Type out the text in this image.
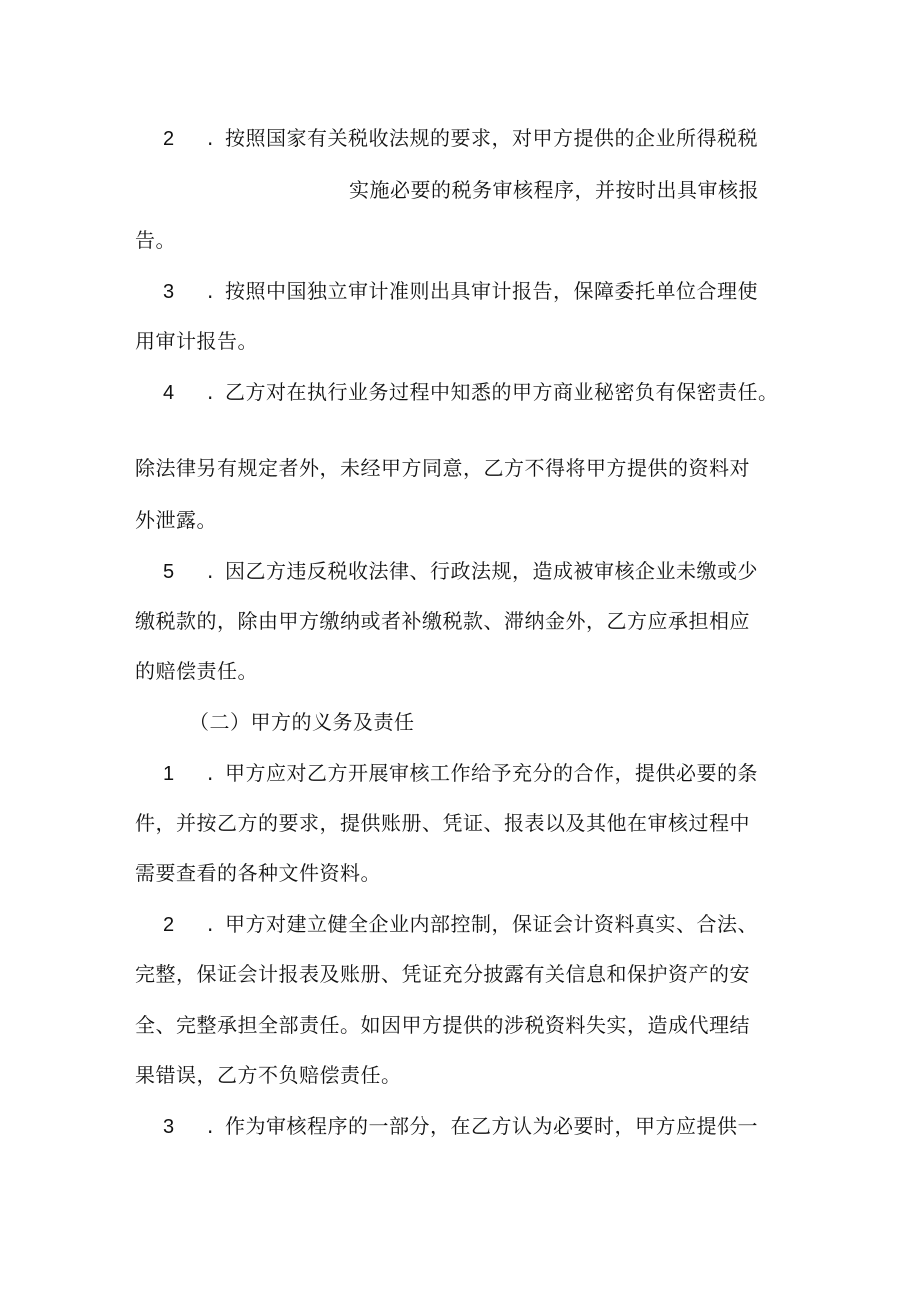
2 . 按照国家有关税收法规的要求，对甲方提供的企业所得税税
实施必要的税务审核程序，并按时出具审核报
告。
3 . 按照中国独立审计准则出具审计报告，保障委托单位合理使
用审计报告。
4 . 乙方对在执行业务过程中知悉的甲方商业秘密负有保密责任。
除法律另有规定者外，未经甲方同意，乙方不得将甲方提供的资料对
外泄露。
5 . 因乙方违反税收法律、行政法规，造成被审核企业未缴或少
缴税款的，除由甲方缴纳或者补缴税款、滞纳金外，乙方应承担相应
的赔偿责任。
（二）甲方的义务及责任
1 . 甲方应对乙方开展审核工作给予充分的合作，提供必要的条
件，并按乙方的要求，提供账册、凭证、报表以及其他在审核过程中
需要查看的各种文件资料。
2 . 甲方对建立健全企业内部控制，保证会计资料真实、合法、
完整，保证会计报表及账册、凭证充分披露有关信息和保护资产的安
全、完整承担全部责任。如因甲方提供的涉税资料失实，造成代理结
果错误，乙方不负赔偿责任。
3 . 作为审核程序的一部分，在乙方认为必要时，甲方应提供一
